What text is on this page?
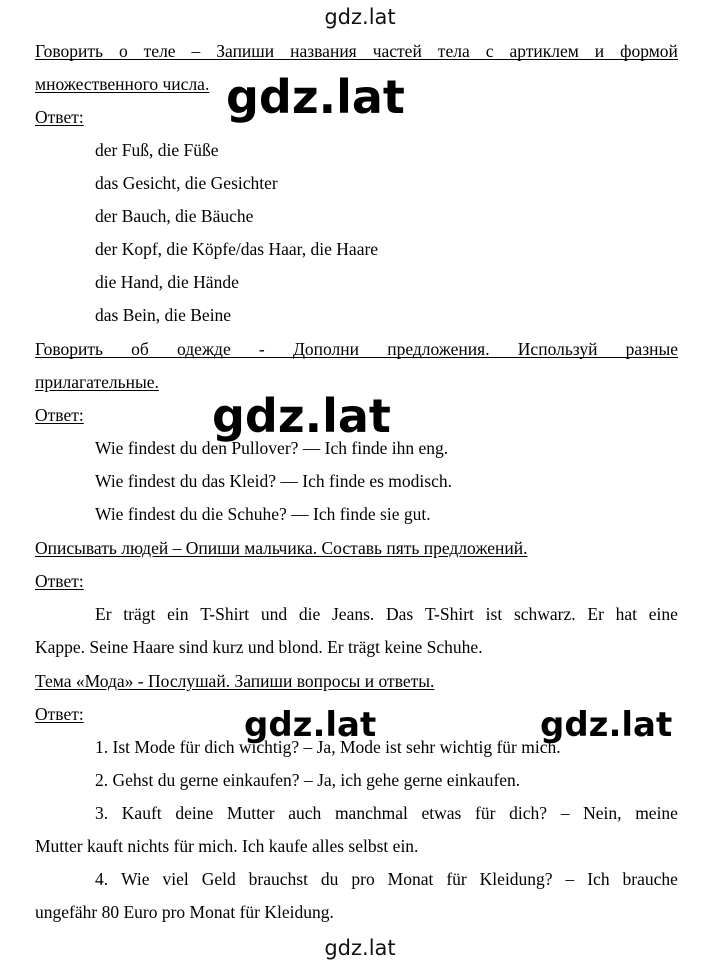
gdz.lat
gdz.lat
gdz.lat
gdz.lat
gdz.lat	gdz.lat
Говорить о теле – Запиши названия частей тела с артиклем и формой
множественного числа.
Ответ:
der Fuß, die Füße
das Gesicht, die Gesichter
der Bauch, die Bäuche
der Kopf, die Köpfe/das Haar, die Haare
die Hand, die Hände
das Bein, die Beine
Говорить об одежде - Дополни предложения. Используй разные
прилагательные.
Ответ:
Wie findest du den Pullover? — Ich finde ihn eng.
Wie findest du das Kleid? — Ich finde es modisch.
Wie findest du die Schuhe? — Ich finde sie gut.
Описывать людей – Опиши мальчика. Составь пять предложений.
Ответ:
Er trägt ein T-Shirt und die Jeans. Das T-Shirt ist schwarz. Er hat eine
Kappe. Seine Haare sind kurz und blond. Er trägt keine Schuhe.
Тема «Мода» - Послушай. Запиши вопросы и ответы.
Ответ:
1. Ist Mode für dich wichtig? – Ja, Mode ist sehr wichtig für mich.
2. Gehst du gerne einkaufen? – Ja, ich gehe gerne einkaufen.
3. Kauft deine Mutter auch manchmal etwas für dich? – Nein, meine
Mutter kauft nichts für mich. Ich kaufe alles selbst ein.
4. Wie viel Geld brauchst du pro Monat für Kleidung? – Ich brauche
ungefähr 80 Euro pro Monat für Kleidung.
